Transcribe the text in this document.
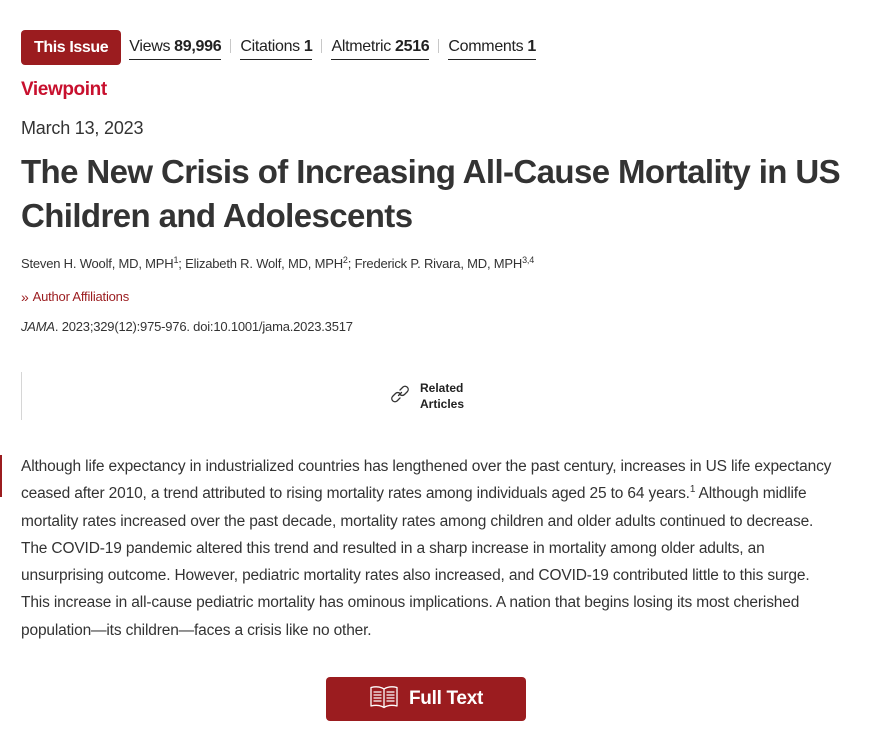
This Issue	Views 89,996 Citations 1 Altmetric 2516 Comments 1
Viewpoint
March 13, 2023
The New Crisis of Increasing All-Cause Mortality in US Children and Adolescents
Steven H. Woolf, MD, MPH$^1$; Elizabeth R. Wolf, MD, MPH$^2$; Frederick P. Rivara, MD, MPH$^{3,4}$
» Author Affiliations
JAMA. 2023;329(12):975-976. doi:10.1001/jama.2023.3517
Related
Articles

Although life expectancy in industrialized countries has lengthened over the past century, increases in US life expectancy ceased after 2010, a trend attributed to rising mortality rates among individuals aged 25 to 64 years.$^1$ Although midlife mortality rates increased over the past decade, mortality rates among children and older adults continued to decrease. The COVID-19 pandemic altered this trend and resulted in a sharp increase in mortality among older adults, an unsurprising outcome. However, pediatric mortality rates also increased, and COVID-19 contributed little to this surge. This increase in all-cause pediatric mortality has ominous implications. A nation that begins losing its most cherished population—its children—faces a crisis like no other.

Full Text
